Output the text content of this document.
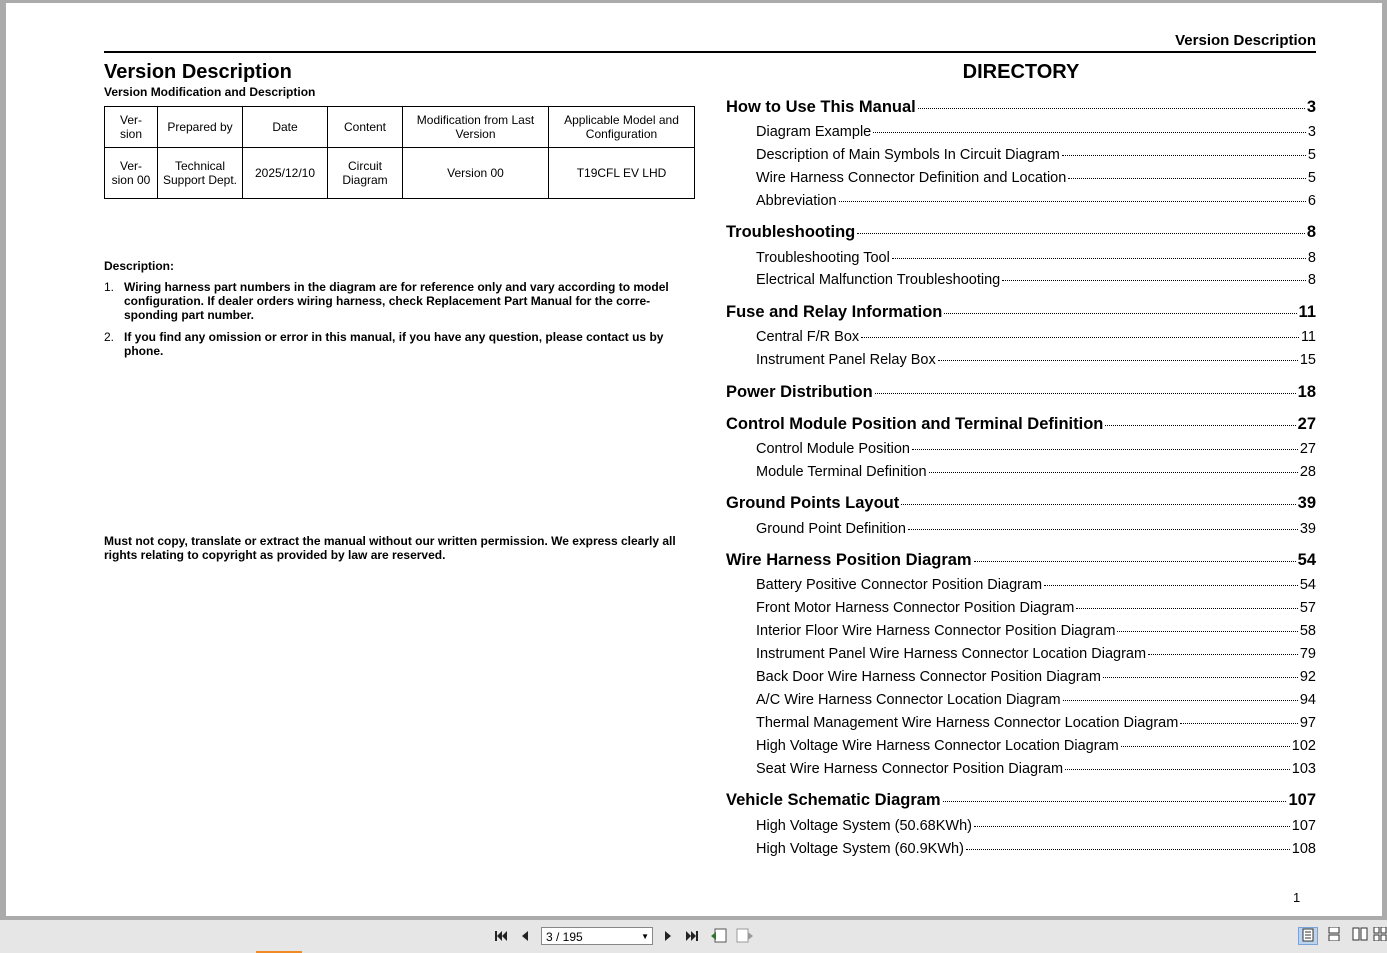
Version Description
Version Description
Version Modification and Description
Ver-
sion	Prepared by	Date	Content	Modification from Last Version	Applicable Model and Configuration
Ver-
sion 00	Technical Support Dept.	2025/12/10	Circuit Diagram	Version 00	T19CFL EV LHD
Description:
1. Wiring harness part numbers in the diagram are for reference only and vary according to model configuration. If dealer orders wiring harness, check Replacement Part Manual for the corre-sponding part number.
2. If you find any omission or error in this manual, if you have any question, please contact us by phone.
Must not copy, translate or extract the manual without our written permission. We express clearly all rights relating to copyright as provided by law are reserved.
DIRECTORY
How to Use This Manual	3
Diagram Example	3
Description of Main Symbols In Circuit Diagram	5
Wire Harness Connector Definition and Location	5
Abbreviation	6
Troubleshooting	8
Troubleshooting Tool	8
Electrical Malfunction Troubleshooting	8
Fuse and Relay Information	11
Central F/R Box	11
Instrument Panel Relay Box	15
Power Distribution	18
Control Module Position and Terminal Definition	27
Control Module Position	27
Module Terminal Definition	28
Ground Points Layout	39
Ground Point Definition	39
Wire Harness Position Diagram	54
Battery Positive Connector Position Diagram	54
Front Motor Harness Connector Position Diagram	57
Interior Floor Wire Harness Connector Position Diagram	58
Instrument Panel Wire Harness Connector Location Diagram	79
Back Door Wire Harness Connector Position Diagram	92
A/C Wire Harness Connector Location Diagram	94
Thermal Management Wire Harness Connector Location Diagram	97
High Voltage Wire Harness Connector Location Diagram	102
Seat Wire Harness Connector Position Diagram	103
Vehicle Schematic Diagram	107
High Voltage System (50.68KWh)	107
High Voltage System (60.9KWh)	108
1
3 / 195	▼
